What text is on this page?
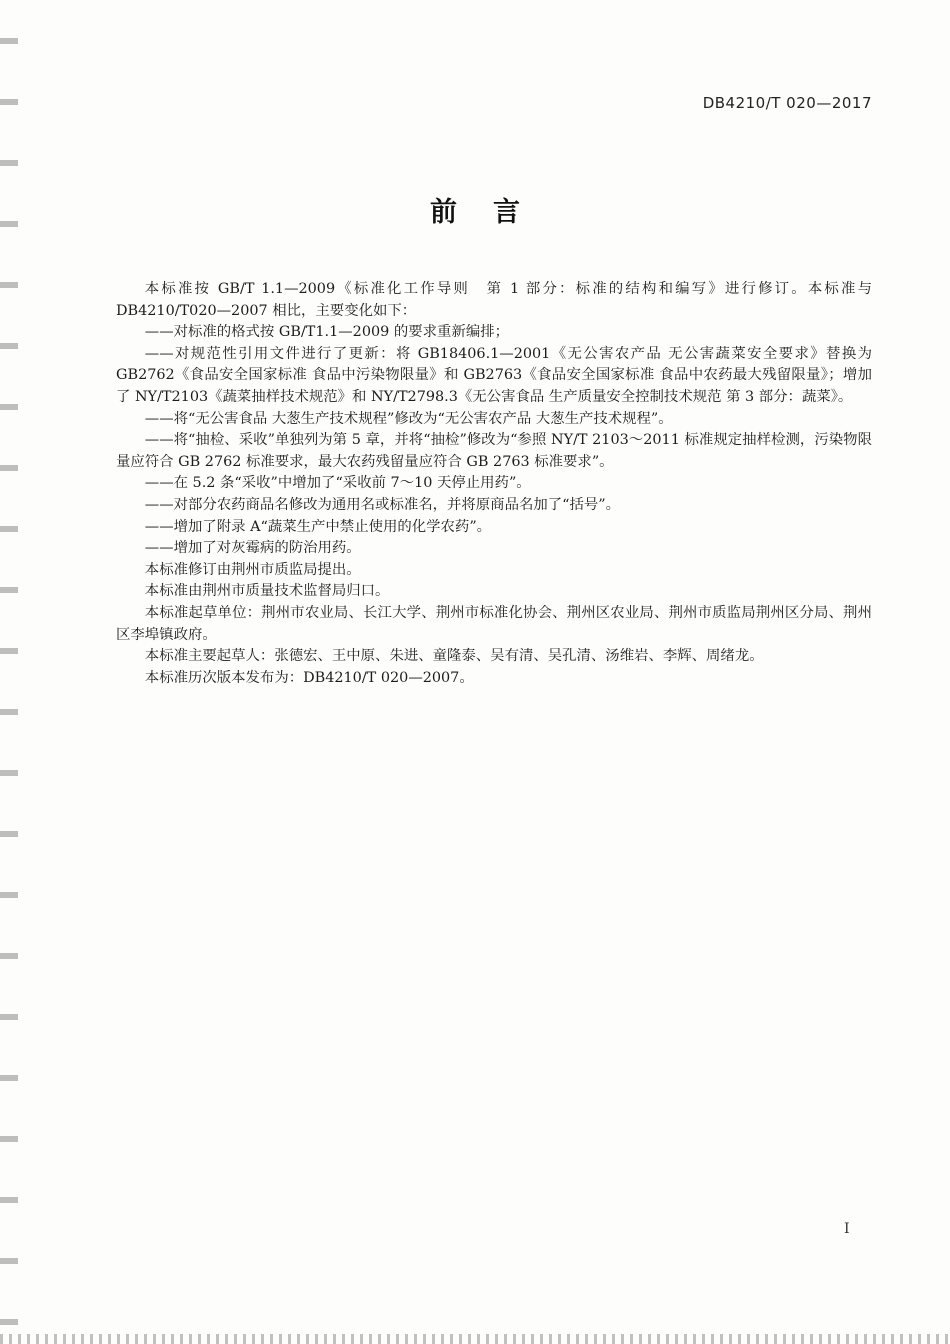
DB4210/T 020—2017
前言

本标准按 GB/T 1.1—2009《标准化工作导则　第 1 部分：标准的结构和编写》进行修订。本标准与 DB4210/T020—2007 相比，主要变化如下：

——对标准的格式按 GB/T1.1—2009 的要求重新编排；

——对规范性引用文件进行了更新：将 GB18406.1—2001《无公害农产品 无公害蔬菜安全要求》替换为 GB2762《食品安全国家标准 食品中污染物限量》和 GB2763《食品安全国家标准 食品中农药最大残留限量》；增加了 NY/T2103《蔬菜抽样技术规范》和 NY/T2798.3《无公害食品 生产质量安全控制技术规范 第 3 部分：蔬菜》。

——将“无公害食品 大葱生产技术规程”修改为“无公害农产品 大葱生产技术规程”。

——将“抽检、采收”单独列为第 5 章，并将“抽检”修改为“参照 NY/T 2103～2011 标准规定抽样检测，污染物限量应符合 GB 2762 标准要求，最大农药残留量应符合 GB 2763 标准要求”。

——在 5.2 条“采收”中增加了“采收前 7～10 天停止用药”。

——对部分农药商品名修改为通用名或标准名，并将原商品名加了“括号”。

——增加了附录 A“蔬菜生产中禁止使用的化学农药”。

——增加了对灰霉病的防治用药。

本标准修订由荆州市质监局提出。

本标准由荆州市质量技术监督局归口。

本标准起草单位：荆州市农业局、长江大学、荆州市标准化协会、荆州区农业局、荆州市质监局荆州区分局、荆州区李埠镇政府。

本标准主要起草人：张德宏、王中原、朱进、童隆泰、吴有清、吴孔清、汤维岩、李辉、周绪龙。

本标准历次版本发布为：DB4210/T 020—2007。

I
